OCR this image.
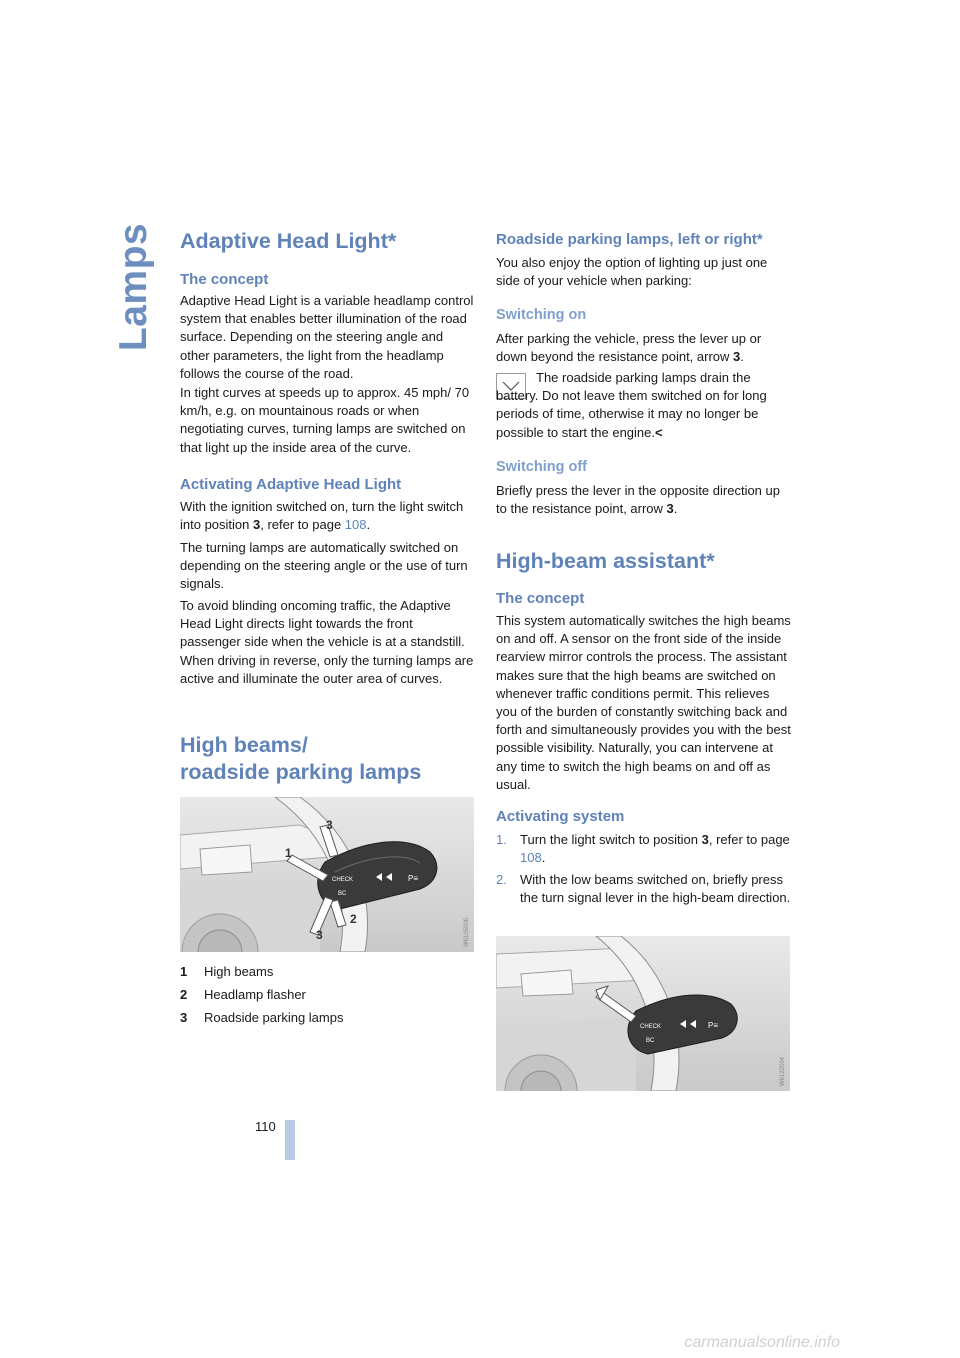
Lamps Adaptive Head Light*
The concept

Adaptive Head Light is a variable headlamp control system that enables better illumination of the road surface. Depending on the steering angle and other parameters, the light from the headlamp follows the course of the road.

In tight curves at speeds up to approx. 45 mph/ 70 km/h, e.g. on mountainous roads or when negotiating curves, turning lamps are switched on that light up the inside area of the curve.

Activating Adaptive Head Light

With the ignition switched on, turn the light switch into position 3, refer to page 108.

The turning lamps are automatically switched on depending on the steering angle or the use of turn signals.

To avoid blinding oncoming traffic, the Adaptive Head Light directs light towards the front passenger side when the vehicle is at a standstill. When driving in reverse, only the turning lamps are active and illuminate the outer area of curves.

High beams/
roadside parking lamps
CHECK
BC
P≡
1
2
3
3	W6105006
1 High beams
2 Headlamp flasher
3 Roadside parking lamps
Roadside parking lamps, left or right*

You also enjoy the option of lighting up just one side of your vehicle when parking:

Switching on

After parking the vehicle, press the lever up or down beyond the resistance point, arrow 3.

The roadside parking lamps drain the battery. Do not leave them switched on for long periods of time, otherwise it may no longer be possible to start the engine.<

Switching off

Briefly press the lever in the opposite direction up to the resistance point, arrow 3.

High-beam assistant*
The concept

This system automatically switches the high beams on and off. A sensor on the front side of the inside rearview mirror controls the process. The assistant makes sure that the high beams are switched on whenever traffic conditions permit. This relieves you of the burden of constantly switching back and forth and simultaneously provides you with the best possible visibility. Naturally, you can intervene at any time to switch the high beams on and off as usual.

Activating system
1. Turn the light switch to position 3, refer to page 108.
2. With the low beams switched on, briefly press the turn signal lever in the high-beam direction.
CHECK
BC
P≡
W6122004
110
carmanualsonline.info
